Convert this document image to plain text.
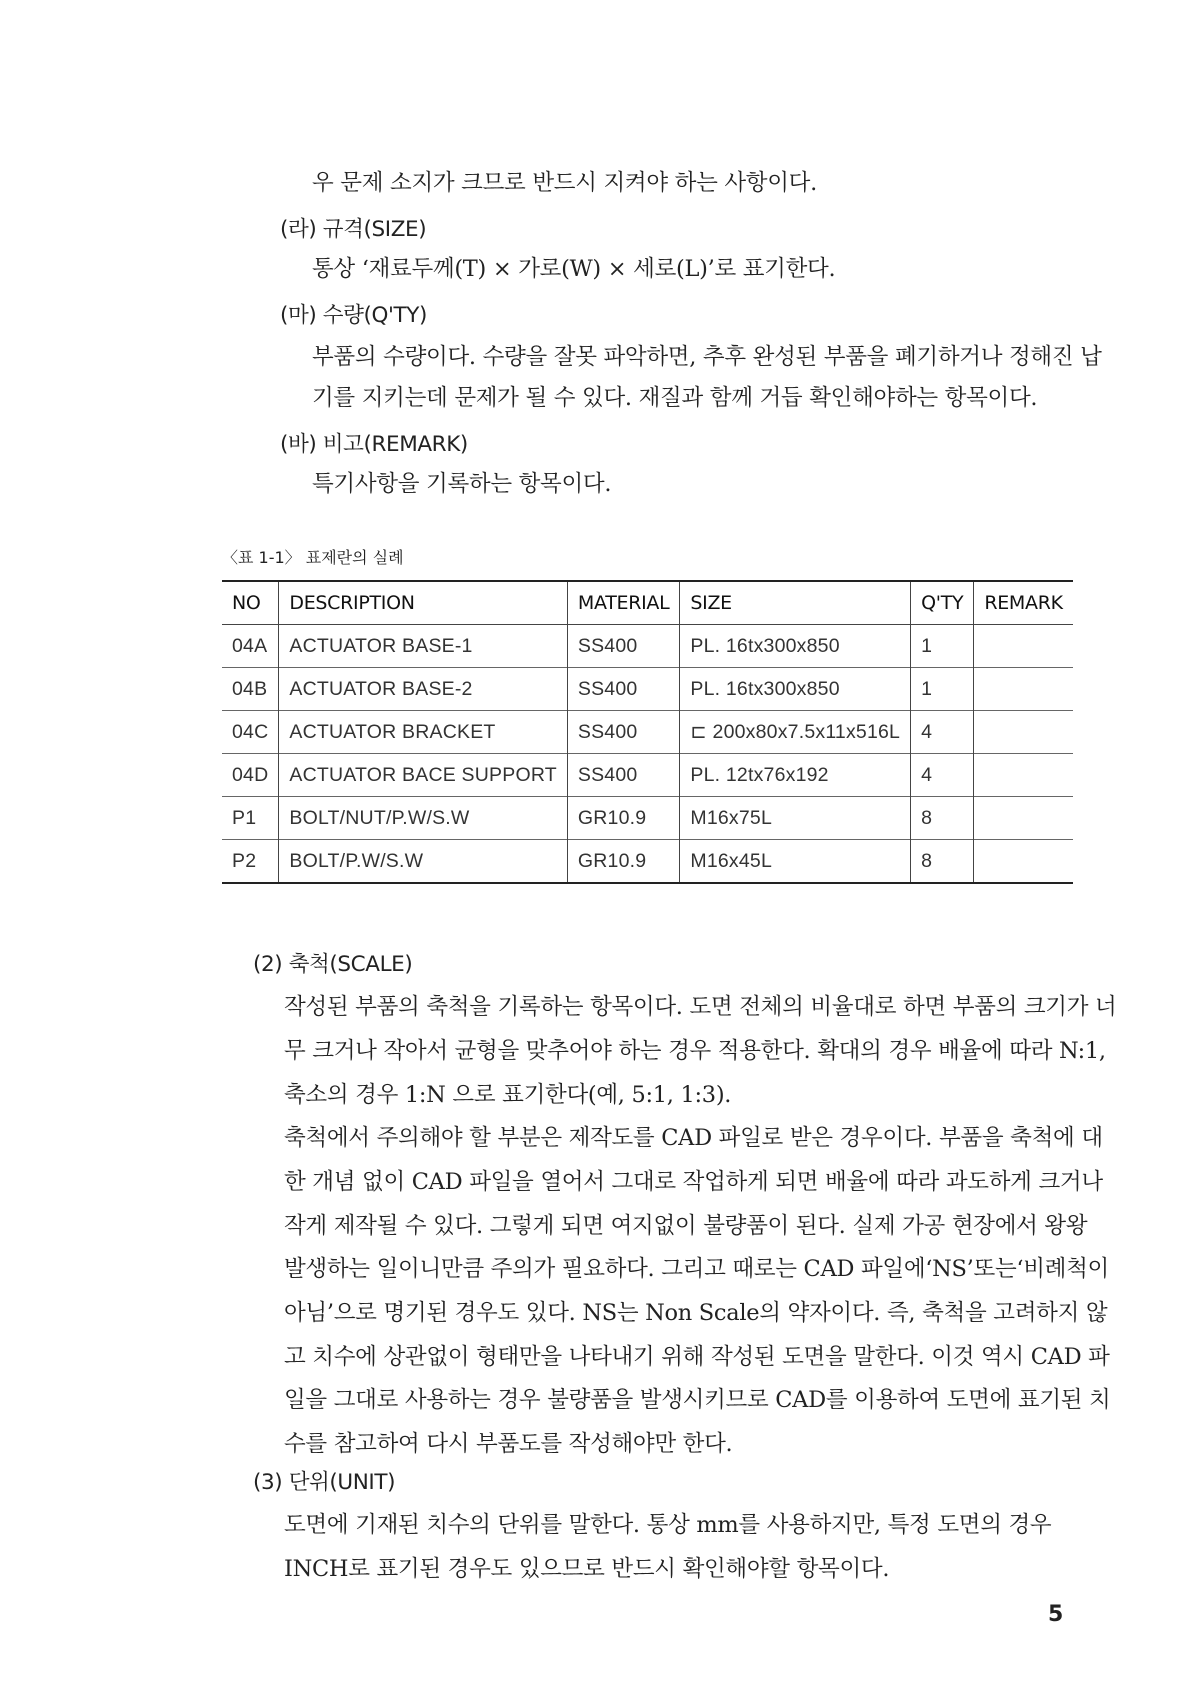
우 문제 소지가 크므로 반드시 지켜야 하는 사항이다.
(라) 규격(SIZE)
통상 ‘재료두께(T) × 가로(W) × 세로(L)’로 표기한다.
(마) 수량(Q'TY)
부품의 수량이다. 수량을 잘못 파악하면, 추후 완성된 부품을 폐기하거나 정해진 납
기를 지키는데 문제가 될 수 있다. 재질과 함께 거듭 확인해야하는 항목이다.
(바) 비고(REMARK)
특기사항을 기록하는 항목이다.
〈표 1-1〉 표제란의 실례
NO	DESCRIPTION	MATERIAL	SIZE	Q'TY	REMARK
04A	ACTUATOR BASE-1	SS400	PL. 16tx300x850	1	
04B	ACTUATOR BASE-2	SS400	PL. 16tx300x850	1	
04C	ACTUATOR BRACKET	SS400	⊏ 200x80x7.5x11x516L	4	
04D	ACTUATOR BACE SUPPORT	SS400	PL. 12tx76x192	4	
P1	BOLT/NUT/P.W/S.W	GR10.9	M16x75L	8	
P2	BOLT/P.W/S.W	GR10.9	M16x45L	8	
(2) 축척(SCALE)
작성된 부품의 축척을 기록하는 항목이다. 도면 전체의 비율대로 하면 부품의 크기가 너
무 크거나 작아서 균형을 맞추어야 하는 경우 적용한다. 확대의 경우 배율에 따라 N:1,
축소의 경우 1:N 으로 표기한다(예, 5:1, 1:3).
축척에서 주의해야 할 부분은 제작도를 CAD 파일로 받은 경우이다. 부품을 축척에 대
한 개념 없이 CAD 파일을 열어서 그대로 작업하게 되면 배율에 따라 과도하게 크거나
작게 제작될 수 있다. 그렇게 되면 여지없이 불량품이 된다. 실제 가공 현장에서 왕왕
발생하는 일이니만큼 주의가 필요하다. 그리고 때로는 CAD 파일에‘NS’또는‘비례척이
아님’으로 명기된 경우도 있다. NS는 Non Scale의 약자이다. 즉, 축척을 고려하지 않
고 치수에 상관없이 형태만을 나타내기 위해 작성된 도면을 말한다. 이것 역시 CAD 파
일을 그대로 사용하는 경우 불량품을 발생시키므로 CAD를 이용하여 도면에 표기된 치
수를 참고하여 다시 부품도를 작성해야만 한다.
(3) 단위(UNIT)
도면에 기재된 치수의 단위를 말한다. 통상 mm를 사용하지만, 특정 도면의 경우
INCH로 표기된 경우도 있으므로 반드시 확인해야할 항목이다.
5
